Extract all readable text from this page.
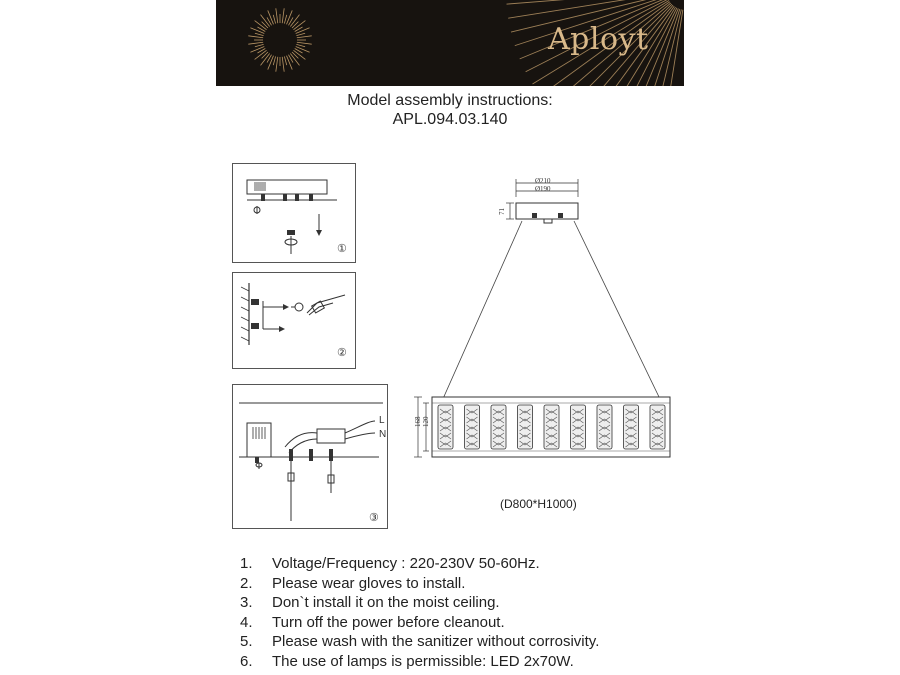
Aployt
Model assembly instructions:
APL.094.03.140
①
②
L
N
③
Ø210
Ø190
71
168 120
(D800*H1000)
1. Voltage/Frequency : 220-230V 50-60Hz.
2. Please wear gloves to install.
3. Don`t install it on the moist ceiling.
4. Turn off the power before cleanout.
5. Please wash with the sanitizer without corrosivity.
6. The use of lamps is permissible: LED 2x70W.
